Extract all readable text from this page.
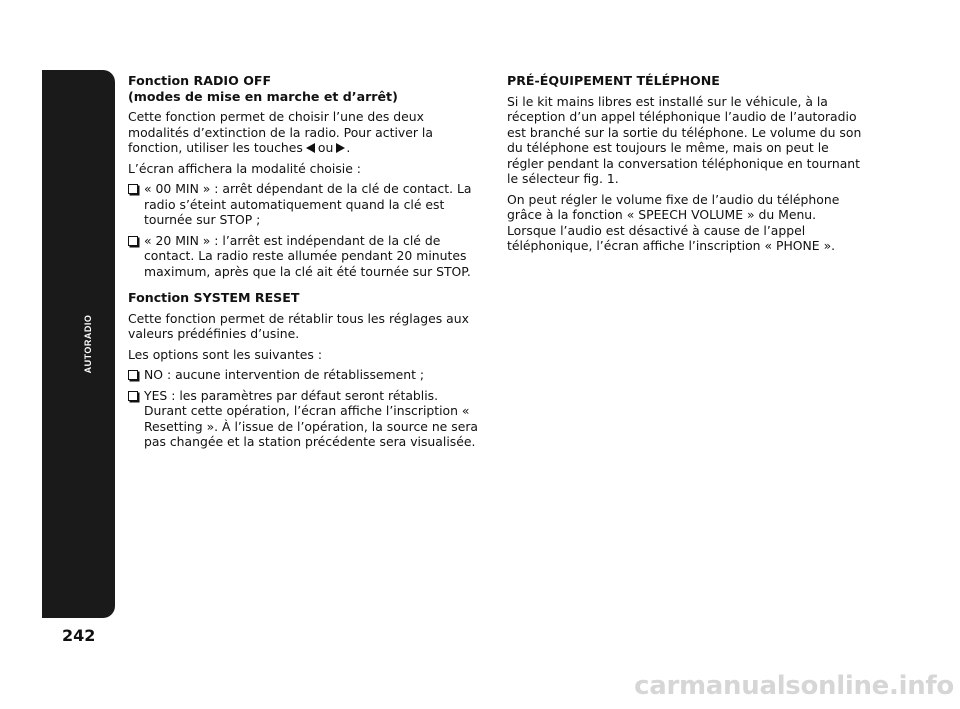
AUTORADIO
242
Fonction RADIO OFF
(modes de mise en marche et d’arrêt)

Cette fonction permet de choisir l’une des deux modalités d’extinction de la radio. Pour activer la fonction, utiliser les touches ou .

L’écran affichera la modalité choisie :

« 00 MIN » : arrêt dépendant de la clé de contact. La radio s’éteint automatiquement quand la clé est tournée sur STOP ;
« 20 MIN » : l’arrêt est indépendant de la clé de contact. La radio reste allumée pendant 20 minutes maximum, après que la clé ait été tournée sur STOP.
Fonction SYSTEM RESET

Cette fonction permet de rétablir tous les réglages aux valeurs prédéfinies d’usine.

Les options sont les suivantes :

NO : aucune intervention de rétablissement ;
YES : les paramètres par défaut seront rétablis. Durant cette opération, l’écran affiche l’inscription « Resetting ». À l’issue de l’opération, la source ne sera pas changée et la station précédente sera visualisée.
PRÉ-ÉQUIPEMENT TÉLÉPHONE

Si le kit mains libres est installé sur le véhicule, à la réception d’un appel téléphonique l’audio de l’autoradio est branché sur la sortie du téléphone. Le volume du son du téléphone est toujours le même, mais on peut le régler pendant la conversation téléphonique en tournant le sélecteur fig. 1.

On peut régler le volume fixe de l’audio du téléphone grâce à la fonction « SPEECH VOLUME » du Menu. Lorsque l’audio est désactivé à cause de l’appel téléphonique, l’écran affiche l’inscription « PHONE ».

carmanualsonline.info
